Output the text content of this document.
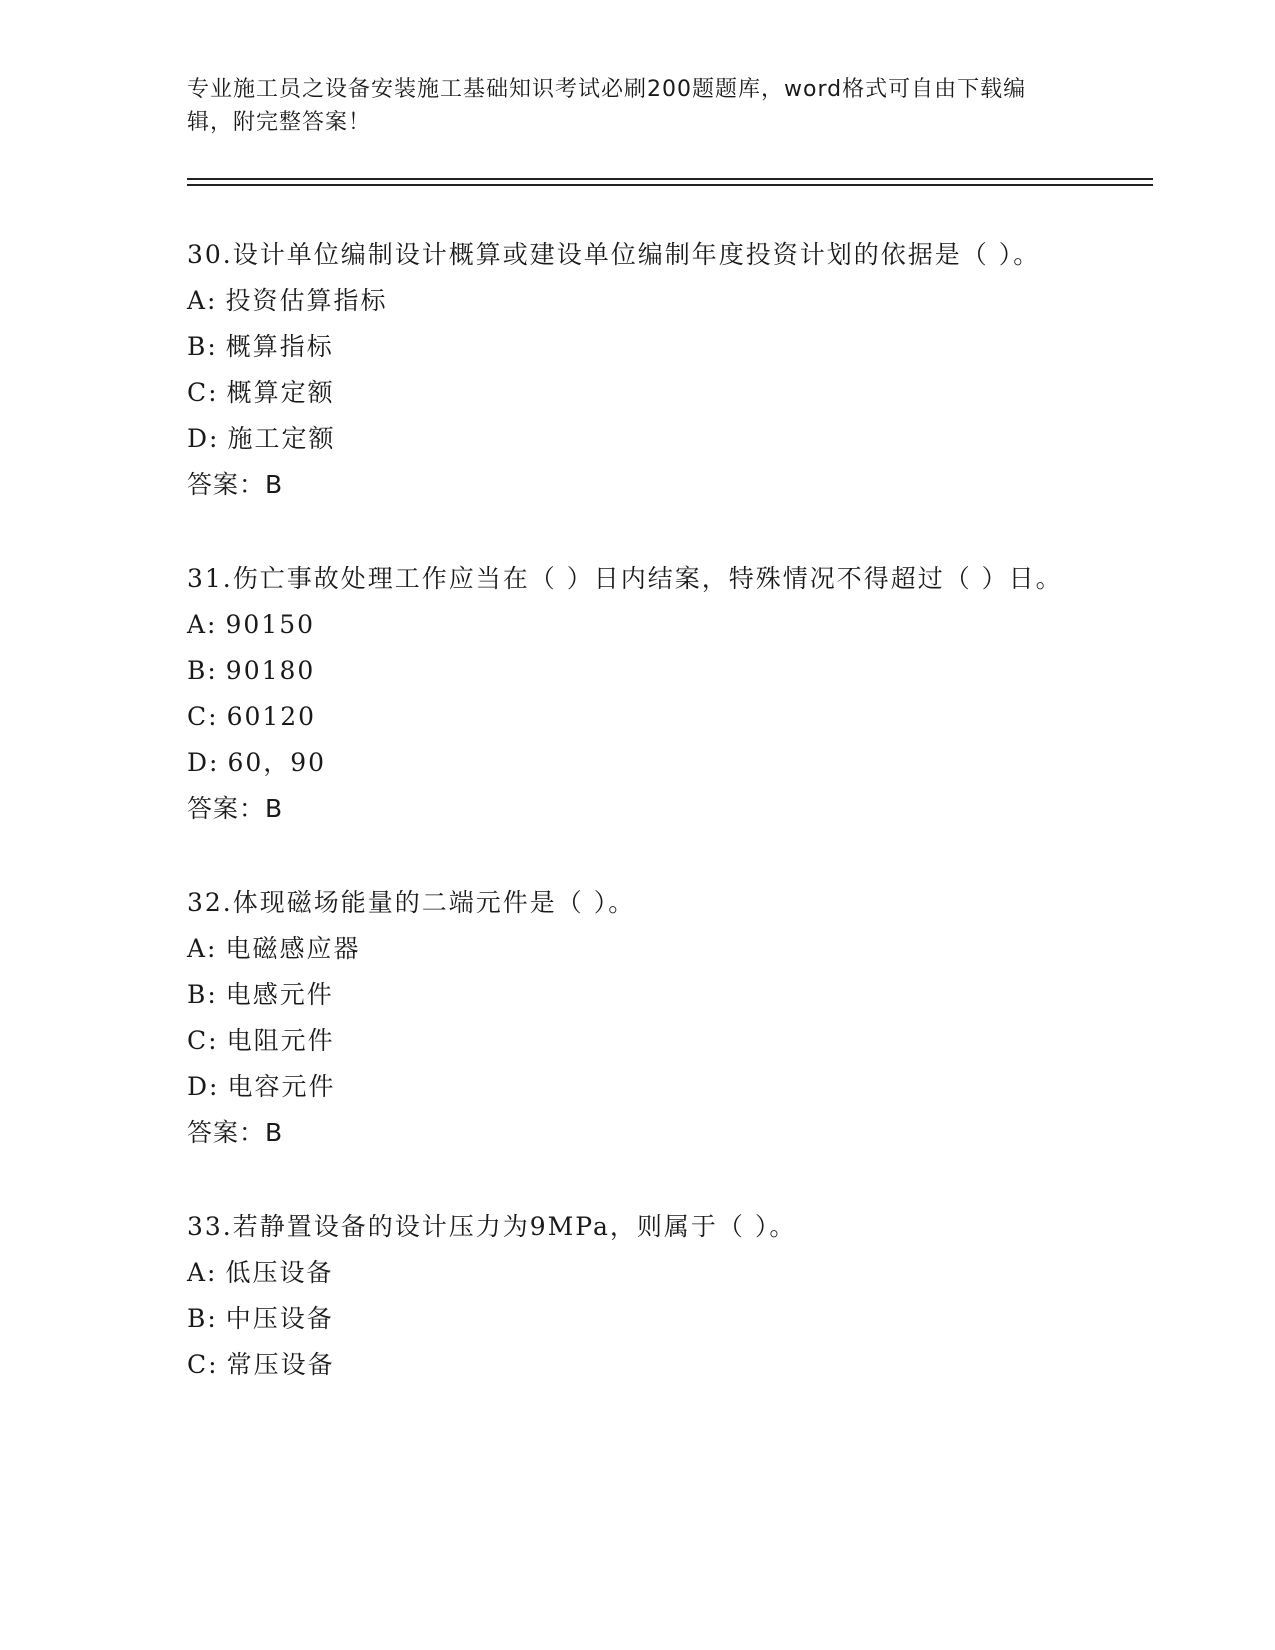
专业施工员之设备安装施工基础知识考试必刷200题题库，word格式可自由下载编辑，附完整答案！
30.设计单位编制设计概算或建设单位编制年度投资计划的依据是（ ）。
A: 投资估算指标
B: 概算指标
C: 概算定额
D: 施工定额
答案：B
31.伤亡事故处理工作应当在（ ）日内结案，特殊情况不得超过（ ）日。
A: 90150
B: 90180
C: 60120
D: 60，90
答案：B
32.体现磁场能量的二端元件是（ ）。
A: 电磁感应器
B: 电感元件
C: 电阻元件
D: 电容元件
答案：B
33.若静置设备的设计压力为9MPa，则属于（ ）。
A: 低压设备
B: 中压设备
C: 常压设备
